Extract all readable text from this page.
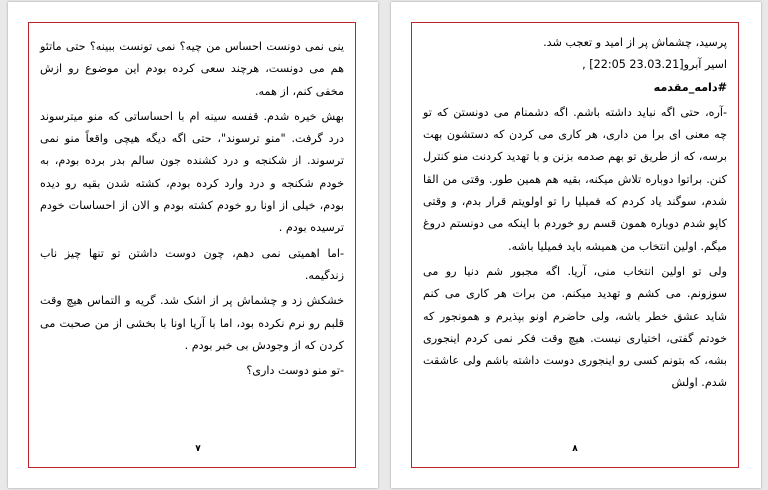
ینی نمی دونست احساس من چیه؟ نمی تونست ببینه؟ حتی ماتئو هم می دونست، هرچند سعی کرده بودم این موضوع رو ازش مخفی کنم، از همه.

بهش خیره شدم. قفسه سینه ام با احساساتی که منو میترسوند درد گرفت. "منو ترسوند"، حتی اگه دیگه هیچی واقعاً منو نمی ترسوند. از شکنجه و درد کشنده جون سالم بدر برده بودم، به خودم شکنجه و درد وارد کرده بودم، کشته شدن بقیه رو دیده بودم، خیلی از اونا رو خودم کشته بودم و الان از احساسات خودم ترسیده بودم .

-اما اهمیتی نمی دهم، چون دوست داشتن تو تنها چیز ناب زندگیمه.

خشکش زد و چشماش پر از اشک شد. گریه و التماس هیچ وقت قلبم رو نرم نکرده بود، اما با آریا اونا با بخشی از من صحبت می کردن که از وجودش بی خبر بودم .

-تو منو دوست داری؟

۷

پرسید، چشماش پر از امید و تعجب شد.

اسیر آبرو[23.03.21 22:05] ,

#دامه_مقدمه

-آره، حتی اگه نباید داشته باشم. اگه دشمنام می دونستن که تو چه معنی ای برا من داری، هر کاری می کردن که دستشون بهت برسه، که از طریق تو بهم صدمه بزنن و با تهدید کردنت منو کنترل کنن. براتوا دوباره تلاش میکنه، بقیه هم همین طور. وقتی من القا شدم، سوگند یاد کردم که فمیلیا را تو اولویتم قرار بدم، و وقتی کاپو شدم دوباره همون قسم رو خوردم با اینکه می دونستم دروغ میگم. اولین انتخاب من همیشه باید فمیلیا باشه.

ولی تو اولین انتخاب منی، آریا. اگه مجبور شم دنیا رو می سوزونم. می کشم و تهدید میکنم. من برات هر کاری می کنم شاید عشق خطر باشه، ولی حاضرم اونو بپذیرم و همونجور که خودتم گفتی، اختیاری نیست. هیچ وقت فکر نمی کردم اینجوری بشه، که بتونم کسی رو اینجوری دوست داشته باشم ولی عاشقت شدم. اولش

۸
